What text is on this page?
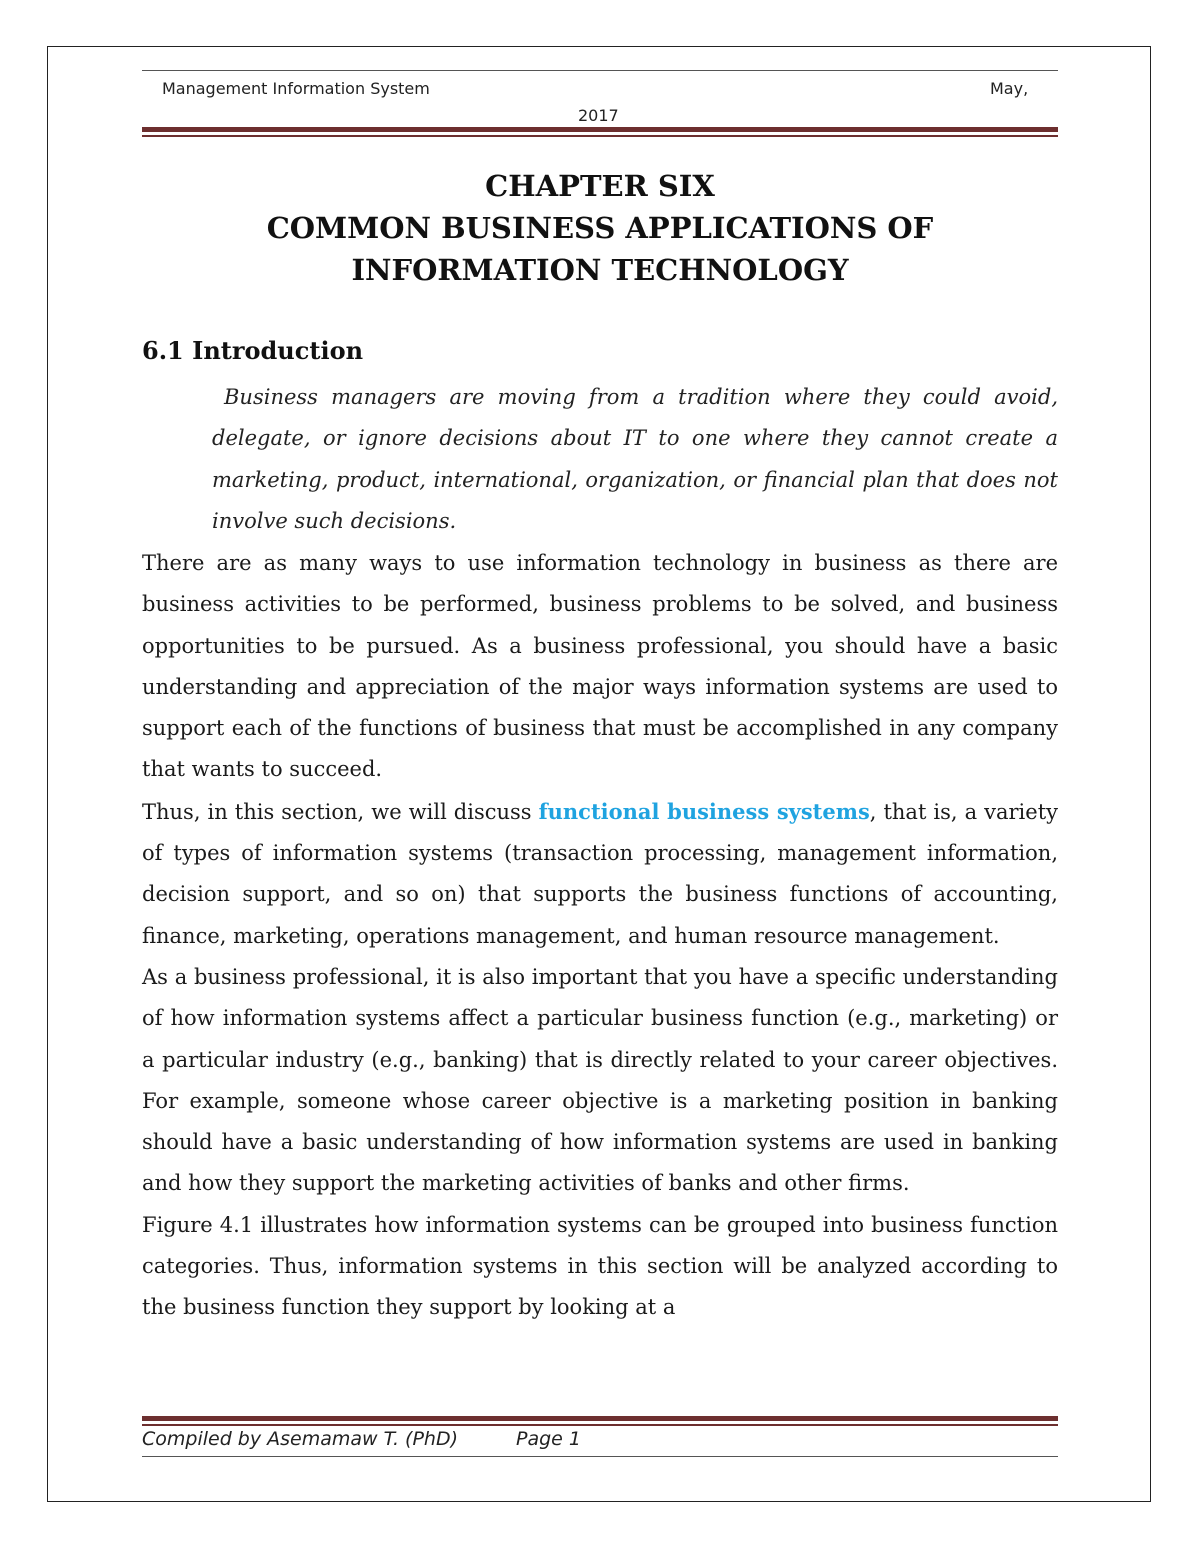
Management Information System	May,
2017
CHAPTER SIX
COMMON BUSINESS APPLICATIONS OF
INFORMATION TECHNOLOGY
6.1 Introduction

Business managers are moving from a tradition where they could avoid, delegate, or ignore decisions about IT to one where they cannot create a marketing, product, international, organization, or financial plan that does not involve such decisions.

There are as many ways to use information technology in business as there are business activities to be performed, business problems to be solved, and business opportunities to be pursued. As a business professional, you should have a basic understanding and appreciation of the major ways information systems are used to support each of the functions of business that must be accomplished in any company that wants to succeed.

Thus, in this section, we will discuss functional business systems, that is, a variety of types of information systems (transaction processing, management information, decision support, and so on) that supports the business functions of accounting, finance, marketing, operations management, and human resource management.

As a business professional, it is also important that you have a specific understanding of how information systems affect a particular business function (e.g., marketing) or a particular industry (e.g., banking) that is directly related to your career objectives. For example, someone whose career objective is a marketing position in banking should have a basic understanding of how information systems are used in banking and how they support the marketing activities of banks and other firms.

Figure 4.1 illustrates how information systems can be grouped into business function categories. Thus, information systems in this section will be analyzed according to the business function they support by looking at a

Compiled by Asemamaw T. (PhD)	Page 1
